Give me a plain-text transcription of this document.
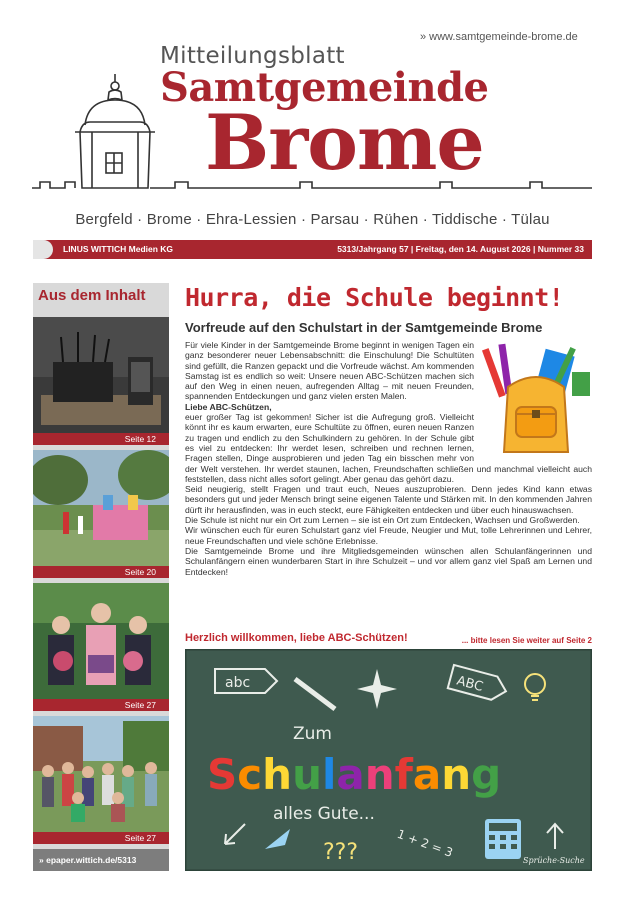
» www.samtgemeinde-brome.de
Mitteilungsblatt
Samtgemeinde
Brome
Bergfeld · Brome · Ehra-Lessien · Parsau · Rühen · Tiddische · Tülau
LINUS WITTICH Medien KG	5313/Jahrgang 57 | Freitag, den 14. August 2026 | Nummer 33
Aus dem Inhalt
Seite 12
Seite 20
Seite 27
Seite 27
» epaper.wittich.de/5313
Hurra, die Schule beginnt!
Vorfreude auf den Schulstart in der Samtgemeinde Brome

Für viele Kinder in der Samtgemeinde Brome beginnt in wenigen Tagen ein ganz besonderer neuer Lebensabschnitt: die Einschulung! Die Schultüten sind gefüllt, die Ranzen gepackt und die Vorfreude wächst. Am kommenden Samstag ist es endlich so weit: Unsere neuen ABC-Schützen machen sich auf den Weg in einen neuen, aufregenden Alltag – mit neuen Freunden, spannenden Entdeckungen und ganz vielen ersten Malen.

Liebe ABC-Schützen,

euer großer Tag ist gekommen! Sicher ist die Aufregung groß. Vielleicht könnt ihr es kaum erwarten, eure Schultüte zu öffnen, euren neuen Ranzen zu tragen und endlich zu den Schulkindern zu gehören. In der Schule gibt es viel zu entdecken: Ihr werdet lesen, schreiben und rechnen lernen, Fragen stellen, Dinge ausprobieren und jeden Tag ein bisschen mehr von der Welt verstehen. Ihr werdet staunen, lachen, Freundschaften schließen und manchmal vielleicht auch feststellen, dass nicht alles sofort gelingt. Aber genau das gehört dazu.

Seid neugierig, stellt Fragen und traut euch, Neues auszuprobieren. Denn jedes Kind kann etwas besonders gut und jeder Mensch bringt seine eigenen Talente und Stärken mit. In den kommenden Jahren dürft ihr herausfinden, was in euch steckt, eure Fähigkeiten entdecken und über euch hinauswachsen.

Die Schule ist nicht nur ein Ort zum Lernen – sie ist ein Ort zum Entdecken, Wachsen und Großwerden.

Wir wünschen euch für euren Schulstart ganz viel Freude, Neugier und Mut, tolle Lehrerinnen und Lehrer, neue Freundschaften und viele schöne Erlebnisse.

Die Samtgemeinde Brome und ihre Mitgliedsgemeinden wünschen allen Schulanfängerinnen und Schulanfängern einen wunderbaren Start in ihre Schulzeit – und vor allem ganz viel Spaß am Lernen und Entdecken!

Herzlich willkommen, liebe ABC-Schützen!	... bitte lesen Sie weiter auf Seite 2
abc	ABC
Zum
Schulanfang
alles Gute...
???	1 + 2 = 3
Sprüche-Suche
